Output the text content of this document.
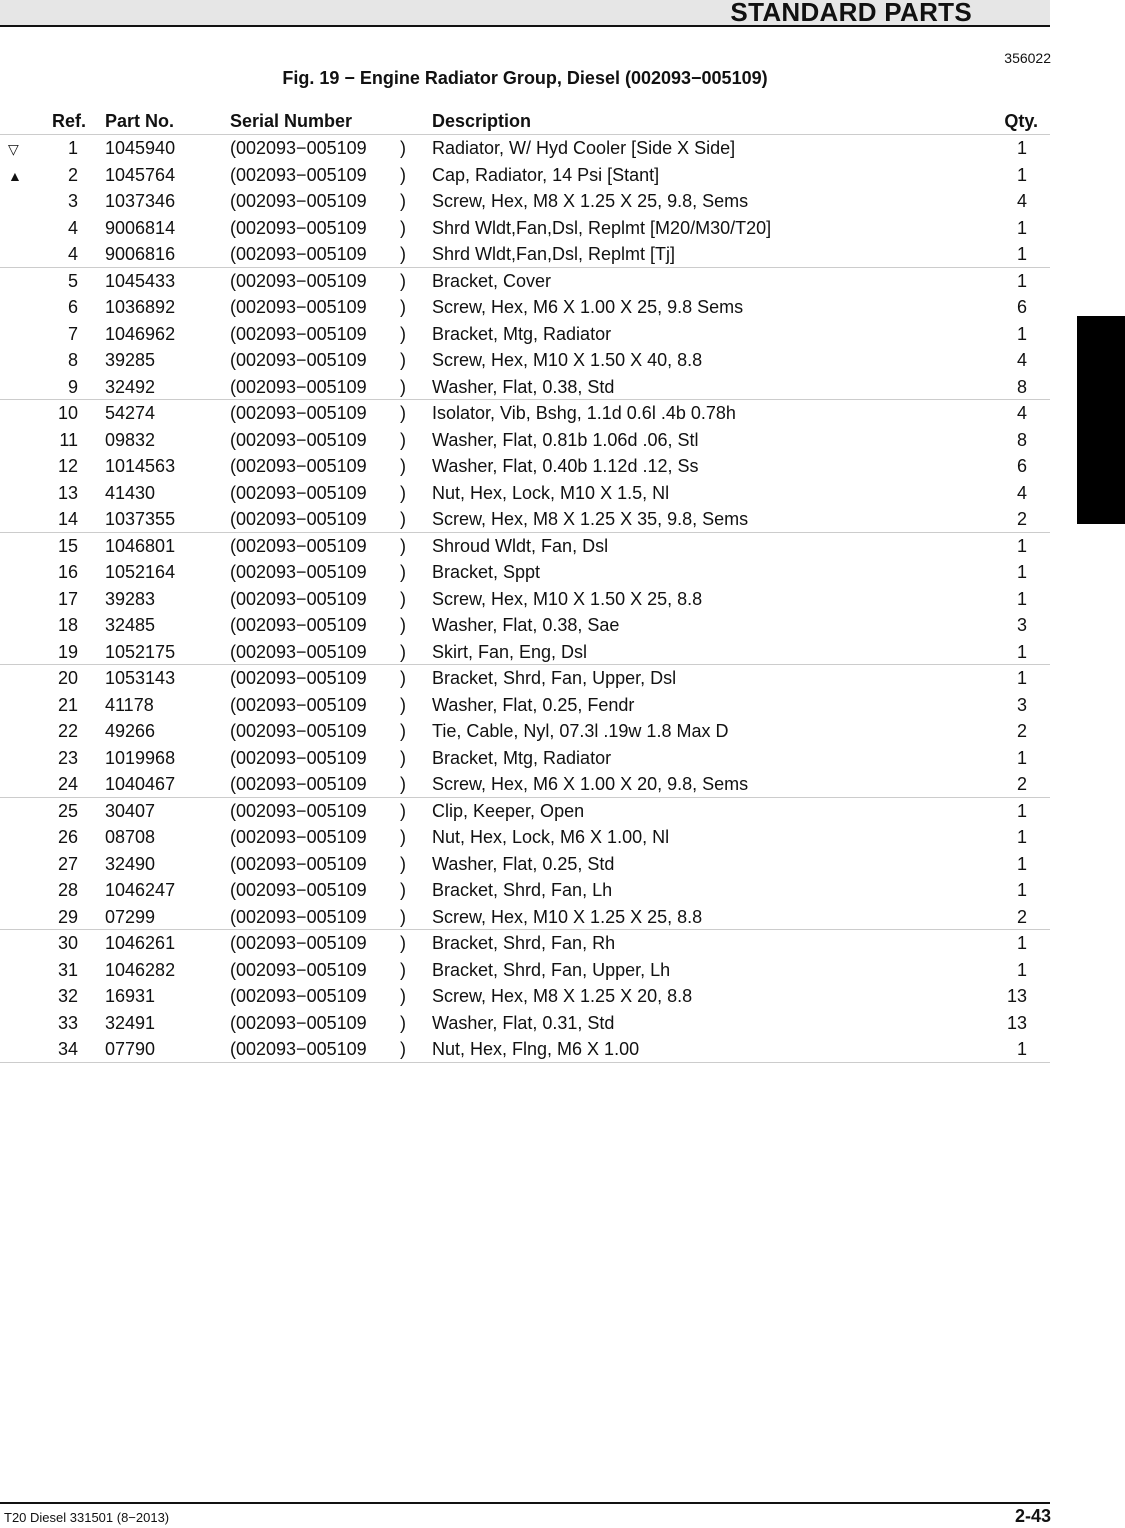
STANDARD PARTS
356022
Fig. 19 − Engine Radiator Group, Diesel (002093−005109)
Ref. Part No.	Serial Number	Description	Qty.
▽	1 1045940	(002093−005109 ) Radiator, W/ Hyd Cooler [Side X Side]	1
▲	2 1045764	(002093−005109 ) Cap, Radiator, 14 Psi [Stant]	1
3 1037346	(002093−005109 ) Screw, Hex, M8 X 1.25 X 25, 9.8, Sems	4
4 9006814	(002093−005109 ) Shrd Wldt,Fan,Dsl, Replmt [M20/M30/T20]	1
4 9006816	(002093−005109 ) Shrd Wldt,Fan,Dsl, Replmt [Tj]	1
5 1045433	(002093−005109 ) Bracket, Cover	1
6 1036892	(002093−005109 ) Screw, Hex, M6 X 1.00 X 25, 9.8 Sems	6
7 1046962	(002093−005109 ) Bracket, Mtg, Radiator	1
8 39285	(002093−005109 ) Screw, Hex, M10 X 1.50 X 40, 8.8	4
9 32492	(002093−005109 ) Washer, Flat, 0.38, Std	8
10 54274	(002093−005109 ) Isolator, Vib, Bshg, 1.1d 0.6l .4b 0.78h	4
11 09832	(002093−005109 ) Washer, Flat, 0.81b 1.06d .06, Stl	8
12 1014563	(002093−005109 ) Washer, Flat, 0.40b 1.12d .12, Ss	6
13 41430	(002093−005109 ) Nut, Hex, Lock, M10 X 1.5, Nl	4
14 1037355	(002093−005109 ) Screw, Hex, M8 X 1.25 X 35, 9.8, Sems	2
15 1046801	(002093−005109 ) Shroud Wldt, Fan, Dsl	1
16 1052164	(002093−005109 ) Bracket, Sppt	1
17 39283	(002093−005109 ) Screw, Hex, M10 X 1.50 X 25, 8.8	1
18 32485	(002093−005109 ) Washer, Flat, 0.38, Sae	3
19 1052175	(002093−005109 ) Skirt, Fan, Eng, Dsl	1
20 1053143	(002093−005109 ) Bracket, Shrd, Fan, Upper, Dsl	1
21 41178	(002093−005109 ) Washer, Flat, 0.25, Fendr	3
22 49266	(002093−005109 ) Tie, Cable, Nyl, 07.3l .19w 1.8 Max D	2
23 1019968	(002093−005109 ) Bracket, Mtg, Radiator	1
24 1040467	(002093−005109 ) Screw, Hex, M6 X 1.00 X 20, 9.8, Sems	2
25 30407	(002093−005109 ) Clip, Keeper, Open	1
26 08708	(002093−005109 ) Nut, Hex, Lock, M6 X 1.00, Nl	1
27 32490	(002093−005109 ) Washer, Flat, 0.25, Std	1
28 1046247	(002093−005109 ) Bracket, Shrd, Fan, Lh	1
29 07299	(002093−005109 ) Screw, Hex, M10 X 1.25 X 25, 8.8	2
30 1046261	(002093−005109 ) Bracket, Shrd, Fan, Rh	1
31 1046282	(002093−005109 ) Bracket, Shrd, Fan, Upper, Lh	1
32 16931	(002093−005109 ) Screw, Hex, M8 X 1.25 X 20, 8.8	13
33 32491	(002093−005109 ) Washer, Flat, 0.31, Std	13
34 07790	(002093−005109 ) Nut, Hex, Flng, M6 X 1.00	1
T20 Diesel 331501 (8−2013)	2-43
